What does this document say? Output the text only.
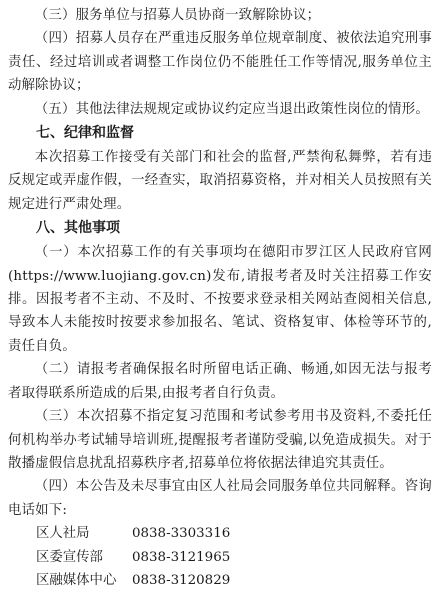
（三）服务单位与招募人员协商一致解除协议；

（四）招募人员存在严重违反服务单位规章制度、被依法追究刑事责任、经过培训或者调整工作岗位仍不能胜任工作等情况,服务单位主动解除协议；

（五）其他法律法规规定或协议约定应当退出政策性岗位的情形。

七、纪律和监督

本次招募工作接受有关部门和社会的监督,严禁徇私舞弊，若有违反规定或弄虚作假，一经查实，取消招募资格，并对相关人员按照有关规定进行严肃处理。

八、其他事项

（一）本次招募工作的有关事项均在德阳市罗江区人民政府官网(https://www.luojiang.gov.cn)发布,请报考者及时关注招募工作安排。因报考者不主动、不及时、不按要求登录相关网站查阅相关信息,导致本人未能按时按要求参加报名、笔试、资格复审、体检等环节的,责任自负。

（二）请报考者确保报名时所留电话正确、畅通,如因无法与报考者取得联系所造成的后果,由报考者自行负责。

（三）本次招募不指定复习范围和考试参考用书及资料,不委托任何机构举办考试辅导培训班,提醒报考者谨防受骗,以免造成损失。对于散播虚假信息扰乱招募秩序者,招募单位将依据法律追究其责任。

（四）本公告及未尽事宜由区人社局会同服务单位共同解释。咨询电话如下:

区人社局	0838-3303316

区委宣传部 0838-3121965

区融媒体中心 0838-3120829
